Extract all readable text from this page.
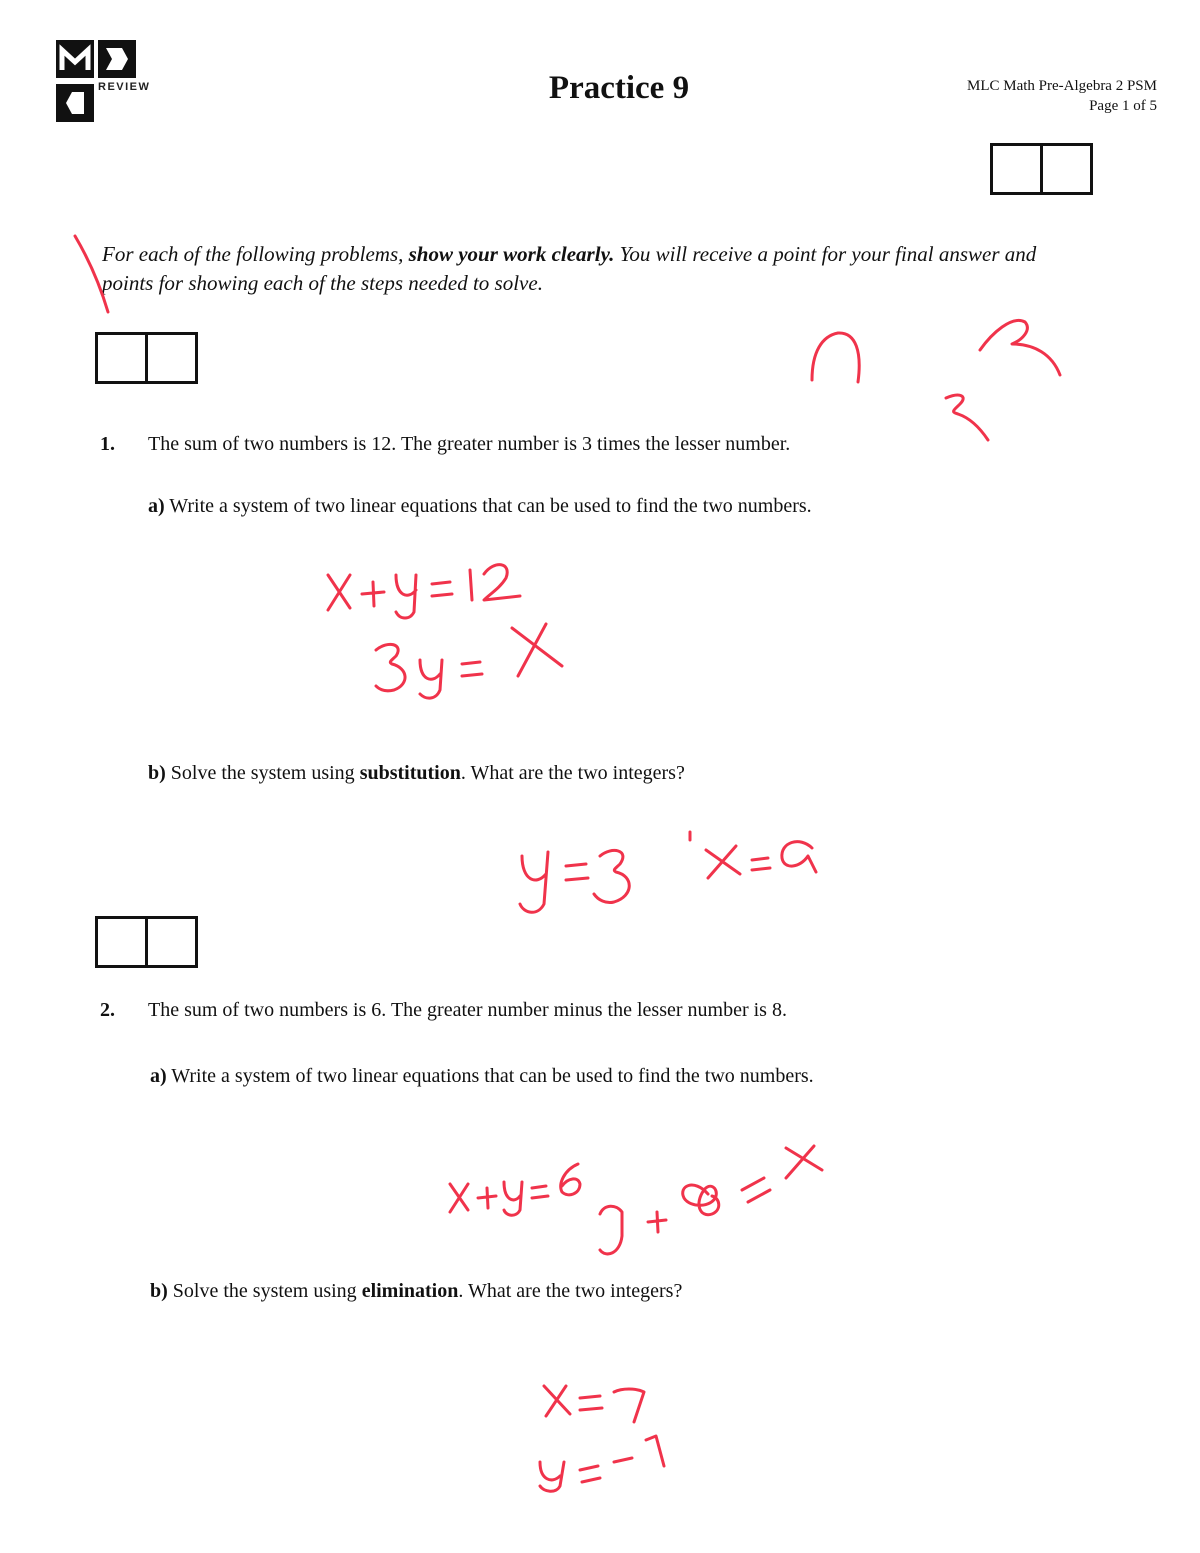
REVIEW	Practice 9	MLC Math Pre-Algebra 2 PSM
Page 1 of 5
For each of the following problems, show your work clearly. You will receive a point for your final answer and points for showing each of the steps needed to solve.
1. The sum of two numbers is 12. The greater number is 3 times the lesser number.
a) Write a system of two linear equations that can be used to find the two numbers.
b) Solve the system using substitution. What are the two integers?
2. The sum of two numbers is 6. The greater number minus the lesser number is 8.
a) Write a system of two linear equations that can be used to find the two numbers.
b) Solve the system using elimination. What are the two integers?
